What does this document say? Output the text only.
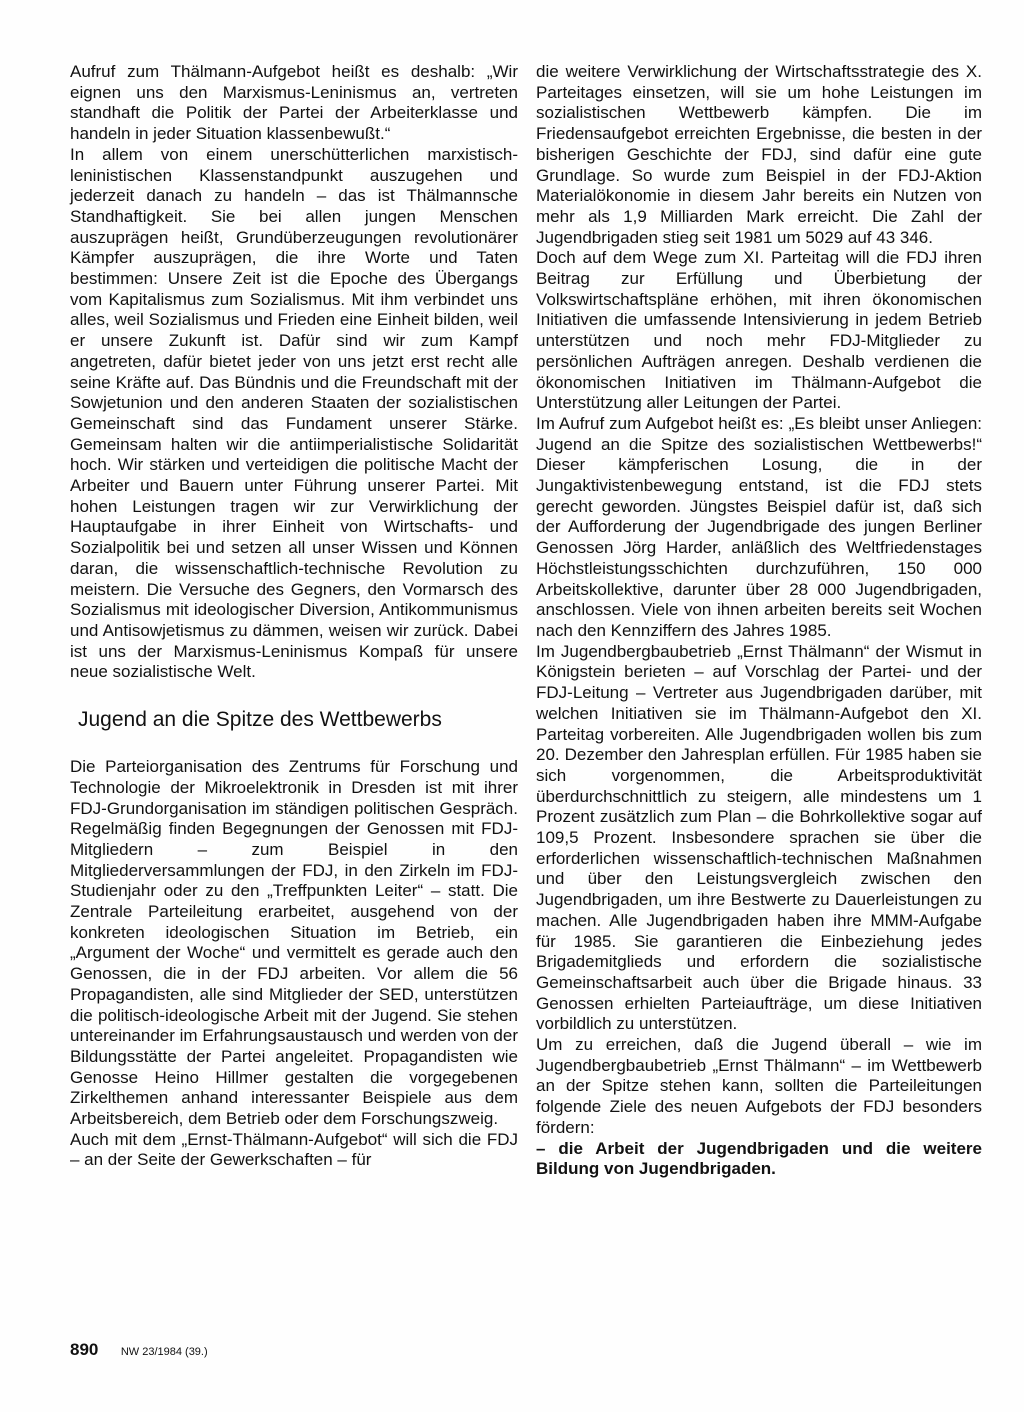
Aufruf zum Thälmann-Aufgebot heißt es deshalb: „Wir eignen uns den Marxismus-Leninismus an, vertreten standhaft die Politik der Partei der Arbeiterklasse und handeln in jeder Situation klassenbewußt.“

In allem von einem unerschütterlichen marxistisch-leninistischen Klassenstandpunkt auszugehen und jederzeit danach zu handeln – das ist Thälmannsche Standhaftigkeit. Sie bei allen jungen Menschen auszuprägen heißt, Grundüberzeugungen revolutionärer Kämpfer auszuprägen, die ihre Worte und Taten bestimmen: Unsere Zeit ist die Epoche des Übergangs vom Kapitalismus zum Sozialismus. Mit ihm verbindet uns alles, weil Sozialismus und Frieden eine Einheit bilden, weil er unsere Zukunft ist. Dafür sind wir zum Kampf angetreten, dafür bietet jeder von uns jetzt erst recht alle seine Kräfte auf. Das Bündnis und die Freundschaft mit der Sowjetunion und den anderen Staaten der sozialistischen Gemeinschaft sind das Fundament unserer Stärke. Gemeinsam halten wir die antiimperialistische Solidarität hoch. Wir stärken und verteidigen die politische Macht der Arbeiter und Bauern unter Führung unserer Partei. Mit hohen Leistungen tragen wir zur Verwirklichung der Hauptaufgabe in ihrer Einheit von Wirtschafts- und Sozialpolitik bei und setzen all unser Wissen und Können daran, die wissenschaftlich-technische Revolution zu meistern. Die Versuche des Gegners, den Vormarsch des Sozialismus mit ideologischer Diversion, Antikommunismus und Antisowjetismus zu dämmen, weisen wir zurück. Dabei ist uns der Marxismus-Leninismus Kompaß für unsere neue sozialistische Welt.

Jugend an die Spitze des Wettbewerbs

Die Parteiorganisation des Zentrums für Forschung und Technologie der Mikroelektronik in Dresden ist mit ihrer FDJ-Grundorganisation im ständigen politischen Gespräch. Regelmäßig finden Begegnungen der Genossen mit FDJ-Mitgliedern – zum Beispiel in den Mitgliederversammlungen der FDJ, in den Zirkeln im FDJ-Studienjahr oder zu den „Treffpunkten Leiter“ – statt. Die Zentrale Parteileitung erarbeitet, ausgehend von der konkreten ideologischen Situation im Betrieb, ein „Argument der Woche“ und vermittelt es gerade auch den Genossen, die in der FDJ arbeiten. Vor allem die 56 Propagandisten, alle sind Mitglieder der SED, unterstützen die politisch-ideologische Arbeit mit der Jugend. Sie stehen untereinander im Erfahrungsaustausch und werden von der Bildungsstätte der Partei angeleitet. Propagandisten wie Genosse Heino Hillmer gestalten die vorgegebenen Zirkelthemen anhand interessanter Beispiele aus dem Arbeitsbereich, dem Betrieb oder dem Forschungszweig.

Auch mit dem „Ernst-Thälmann-Aufgebot“ will sich die FDJ – an der Seite der Gewerkschaften – für

die weitere Verwirklichung der Wirtschaftsstrategie des X. Parteitages einsetzen, will sie um hohe Leistungen im sozialistischen Wettbewerb kämpfen. Die im Friedensaufgebot erreichten Ergebnisse, die besten in der bisherigen Geschichte der FDJ, sind dafür eine gute Grundlage. So wurde zum Beispiel in der FDJ-Aktion Materialökonomie in diesem Jahr bereits ein Nutzen von mehr als 1,9 Milliarden Mark erreicht. Die Zahl der Jugendbrigaden stieg seit 1981 um 5029 auf 43 346.

Doch auf dem Wege zum XI. Parteitag will die FDJ ihren Beitrag zur Erfüllung und Überbietung der Volkswirtschaftspläne erhöhen, mit ihren ökonomischen Initiativen die umfassende Intensivierung in jedem Betrieb unterstützen und noch mehr FDJ-Mitglieder zu persönlichen Aufträgen anregen. Deshalb verdienen die ökonomischen Initiativen im Thälmann-Aufgebot die Unterstützung aller Leitungen der Partei.

Im Aufruf zum Aufgebot heißt es: „Es bleibt unser Anliegen: Jugend an die Spitze des sozialistischen Wettbewerbs!“ Dieser kämpferischen Losung, die in der Jungaktivistenbewegung entstand, ist die FDJ stets gerecht geworden. Jüngstes Beispiel dafür ist, daß sich der Aufforderung der Jugendbrigade des jungen Berliner Genossen Jörg Harder, anläßlich des Weltfriedenstages Höchstleistungsschichten durchzuführen, 150 000 Arbeitskollektive, darunter über 28 000 Jugendbrigaden, anschlossen. Viele von ihnen arbeiten bereits seit Wochen nach den Kennziffern des Jahres 1985.

Im Jugendbergbaubetrieb „Ernst Thälmann“ der Wismut in Königstein berieten – auf Vorschlag der Partei- und der FDJ-Leitung – Vertreter aus Jugendbrigaden darüber, mit welchen Initiativen sie im Thälmann-Aufgebot den XI. Parteitag vorbereiten. Alle Jugendbrigaden wollen bis zum 20. Dezember den Jahresplan erfüllen. Für 1985 haben sie sich vorgenommen, die Arbeitsproduktivität überdurchschnittlich zu steigern, alle mindestens um 1 Prozent zusätzlich zum Plan – die Bohrkollektive sogar auf 109,5 Prozent. Insbesondere sprachen sie über die erforderlichen wissenschaftlich-technischen Maßnahmen und über den Leistungsvergleich zwischen den Jugendbrigaden, um ihre Bestwerte zu Dauerleistungen zu machen. Alle Jugendbrigaden haben ihre MMM-Aufgabe für 1985. Sie garantieren die Einbeziehung jedes Brigademitglieds und erfordern die sozialistische Gemeinschaftsarbeit auch über die Brigade hinaus. 33 Genossen erhielten Parteiaufträge, um diese Initiativen vorbildlich zu unterstützen.

Um zu erreichen, daß die Jugend überall – wie im Jugendbergbaubetrieb „Ernst Thälmann“ – im Wettbewerb an der Spitze stehen kann, sollten die Parteileitungen folgende Ziele des neuen Aufgebots der FDJ besonders fördern:

– die Arbeit der Jugendbrigaden und die weitere Bildung von Jugendbrigaden.

890 NW 23/1984 (39.)
